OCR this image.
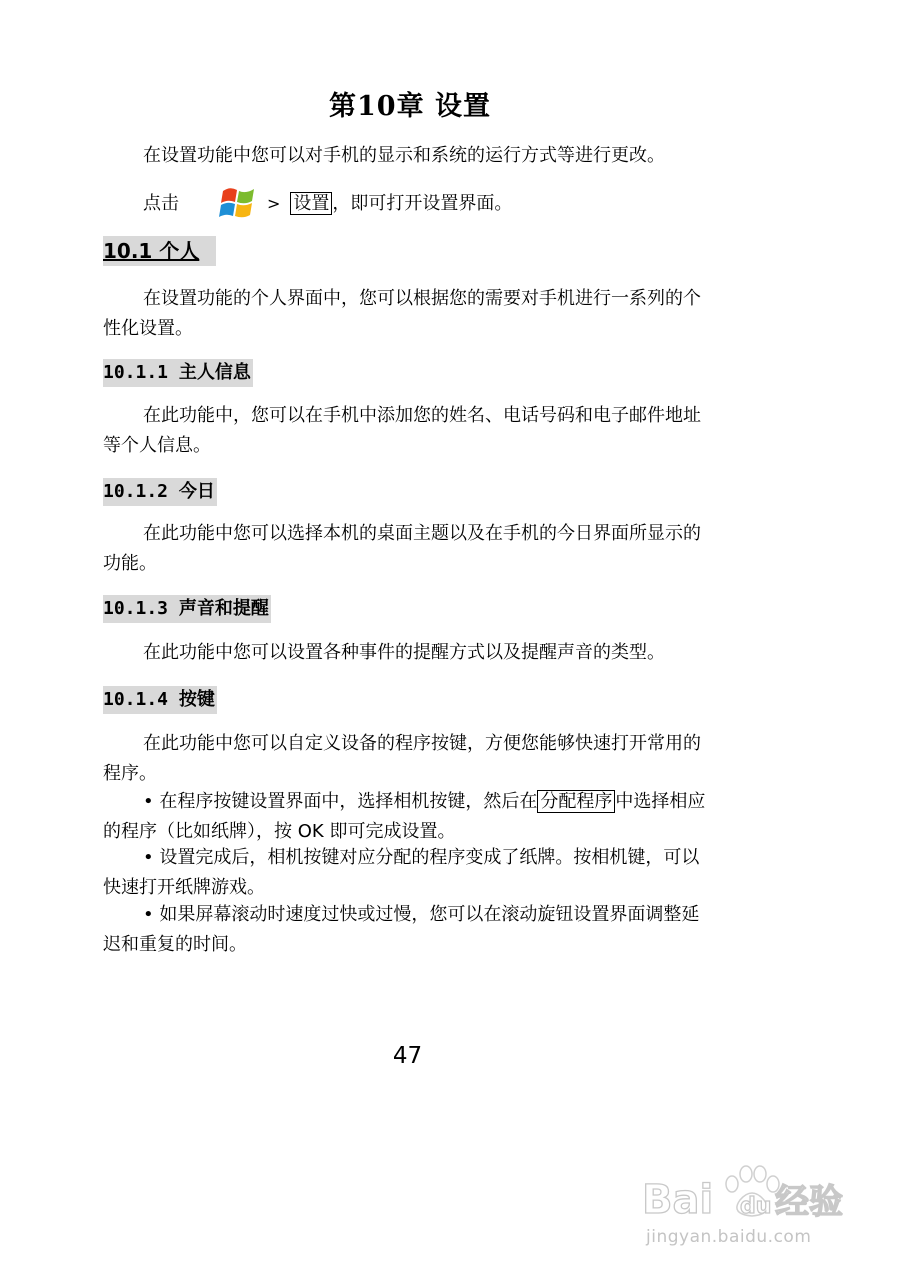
第10章 设置
在设置功能中您可以对手机的显示和系统的运行方式等进行更改。
点击	> 设置 ，即可打开设置界面。
10.1 个人
在设置功能的个人界面中，您可以根据您的需要对手机进行一系列的个性化设置。
10.1.1 主人信息
在此功能中，您可以在手机中添加您的姓名、电话号码和电子邮件地址等个人信息。
10.1.2 今日
在此功能中您可以选择本机的桌面主题以及在手机的今日界面所显示的功能。
10.1.3 声音和提醒
在此功能中您可以设置各种事件的提醒方式以及提醒声音的类型。
10.1.4 按键
在此功能中您可以自定义设备的程序按键，方便您能够快速打开常用的程序。
• 在程序按键设置界面中，选择相机按键，然后在 分配程序 中选择相应的程序（比如纸牌），按 OK 即可完成设置。
• 设置完成后，相机按键对应分配的程序变成了纸牌。按相机键，可以快速打开纸牌游戏。
• 如果屏幕滚动时速度过快或过慢，您可以在滚动旋钮设置界面调整延迟和重复的时间。
47
Bai du 经验
jingyan.baidu.com
